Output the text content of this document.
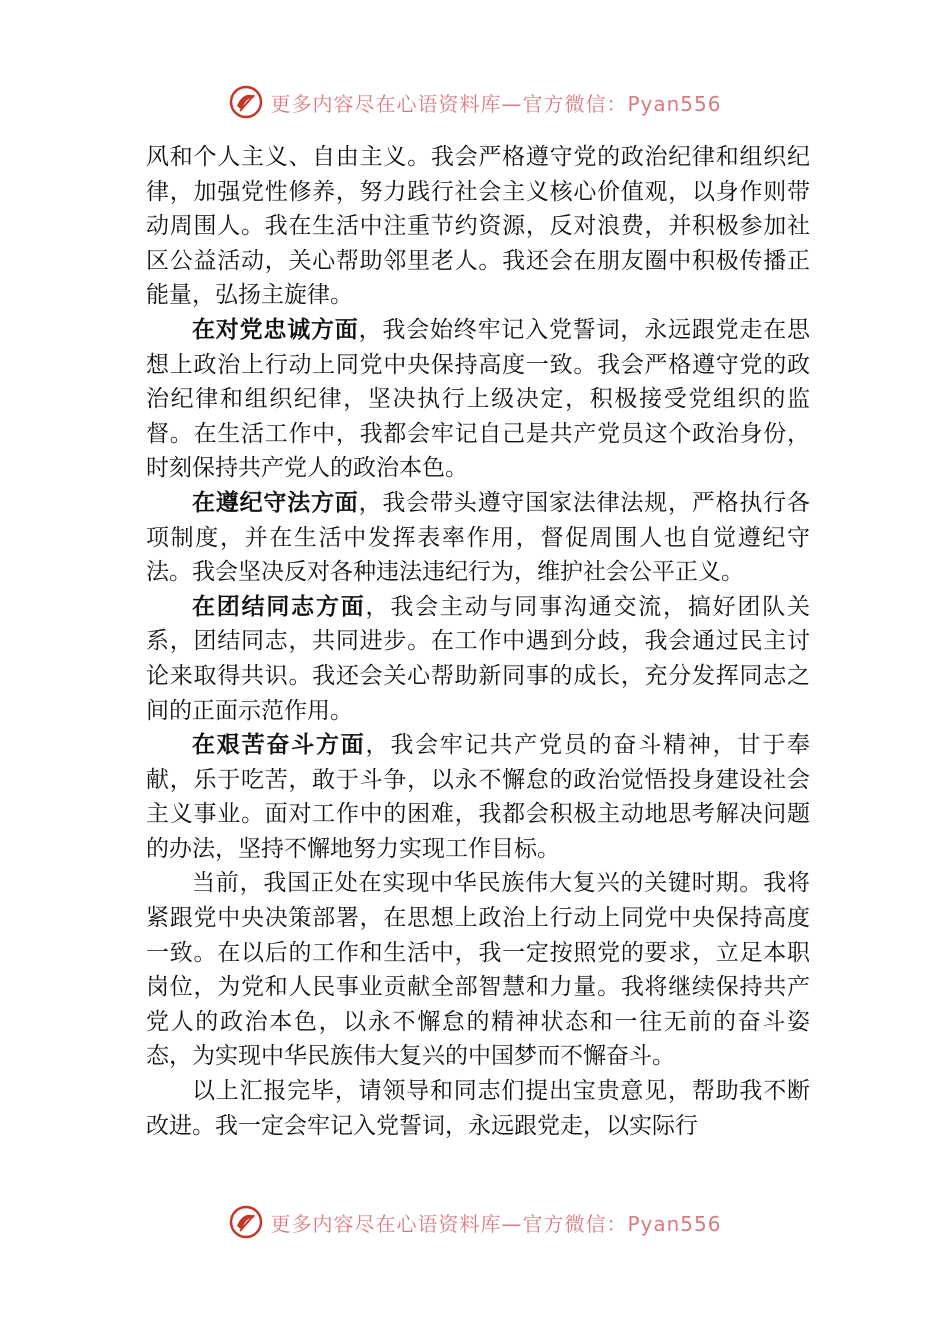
更多内容尽在心语资料库—官方微信：Pyan556

风和个人主义、自由主义。我会严格遵守党的政治纪律和组织纪律，加强党性修养，努力践行社会主义核心价值观，以身作则带动周围人。我在生活中注重节约资源，反对浪费，并积极参加社区公益活动，关心帮助邻里老人。我还会在朋友圈中积极传播正能量，弘扬主旋律。

在对党忠诚方面，我会始终牢记入党誓词，永远跟党走在思想上政治上行动上同党中央保持高度一致。我会严格遵守党的政治纪律和组织纪律，坚决执行上级决定，积极接受党组织的监督。在生活工作中，我都会牢记自己是共产党员这个政治身份，时刻保持共产党人的政治本色。

在遵纪守法方面，我会带头遵守国家法律法规，严格执行各项制度，并在生活中发挥表率作用，督促周围人也自觉遵纪守法。我会坚决反对各种违法违纪行为，维护社会公平正义。

在团结同志方面，我会主动与同事沟通交流，搞好团队关系，团结同志，共同进步。在工作中遇到分歧，我会通过民主讨论来取得共识。我还会关心帮助新同事的成长，充分发挥同志之间的正面示范作用。

在艰苦奋斗方面，我会牢记共产党员的奋斗精神，甘于奉献，乐于吃苦，敢于斗争，以永不懈怠的政治觉悟投身建设社会主义事业。面对工作中的困难，我都会积极主动地思考解决问题的办法，坚持不懈地努力实现工作目标。

当前，我国正处在实现中华民族伟大复兴的关键时期。我将紧跟党中央决策部署，在思想上政治上行动上同党中央保持高度一致。在以后的工作和生活中，我一定按照党的要求，立足本职岗位，为党和人民事业贡献全部智慧和力量。我将继续保持共产党人的政治本色，以永不懈怠的精神状态和一往无前的奋斗姿态，为实现中华民族伟大复兴的中国梦而不懈奋斗。

以上汇报完毕，请领导和同志们提出宝贵意见，帮助我不断改进。我一定会牢记入党誓词，永远跟党走，以实际行

更多内容尽在心语资料库—官方微信：Pyan556
